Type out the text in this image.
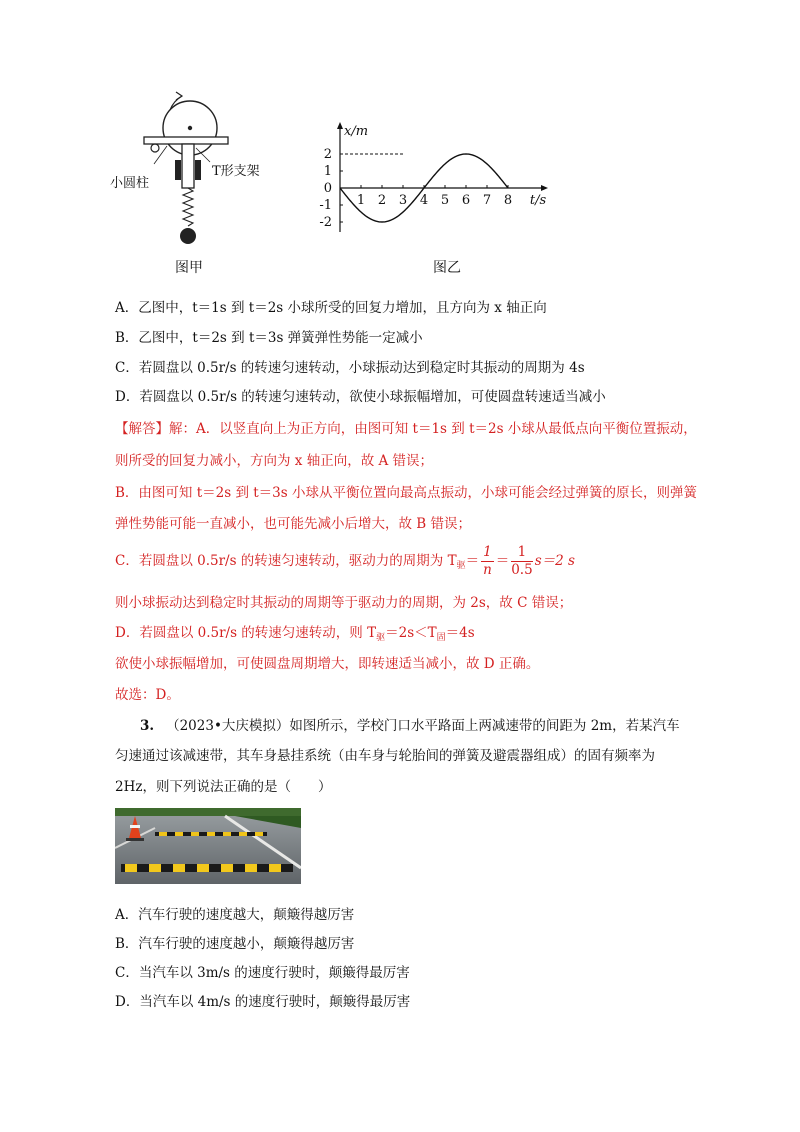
小圆柱
T形支架
图甲
1 2 3 4 5 6 7 8
2
1
0
-1
-2
x/m
t/s
图乙
A．乙图中，t＝1s 到 t＝2s 小球所受的回复力增加，且方向为 x 轴正向
B．乙图中，t＝2s 到 t＝3s 弹簧弹性势能一定减小
C．若圆盘以 0.5r/s 的转速匀速转动，小球振动达到稳定时其振动的周期为 4s
D．若圆盘以 0.5r/s 的转速匀速转动，欲使小球振幅增加，可使圆盘转速适当减小
【解答】解：A．以竖直向上为正方向，由图可知 t＝1s 到 t＝2s 小球从最低点向平衡位置振动，
则所受的回复力减小，方向为 x 轴正向，故 A 错误；
B．由图可知 t＝2s 到 t＝3s 小球从平衡位置向最高点振动，小球可能会经过弹簧的原长，则弹簧
弹性势能可能一直减小，也可能先减小后增大，故 B 错误；
C．若圆盘以 0.5r/s 的转速匀速转动，驱动力的周期为 $T_驱= \frac{1}{n} = \frac{1}{0.5} s=2$ s
则小球振动达到稳定时其振动的周期等于驱动力的周期，为 2s，故 C 错误；
D．若圆盘以 0.5r/s 的转速匀速转动，则 $T_驱=2s<T_固=4s$
欲使小球振幅增加，可使圆盘周期增大，即转速适当减小，故 D 正确。
故选：D。
3. （2023•大庆模拟）如图所示，学校门口水平路面上两减速带的间距为 2m，若某汽车
匀速通过该减速带，其车身悬挂系统（由车身与轮胎间的弹簧及避震器组成）的固有频率为
2Hz，则下列说法正确的是（　　）
A．汽车行驶的速度越大，颠簸得越厉害
B．汽车行驶的速度越小，颠簸得越厉害
C．当汽车以 3m/s 的速度行驶时，颠簸得最厉害
D．当汽车以 4m/s 的速度行驶时，颠簸得最厉害
